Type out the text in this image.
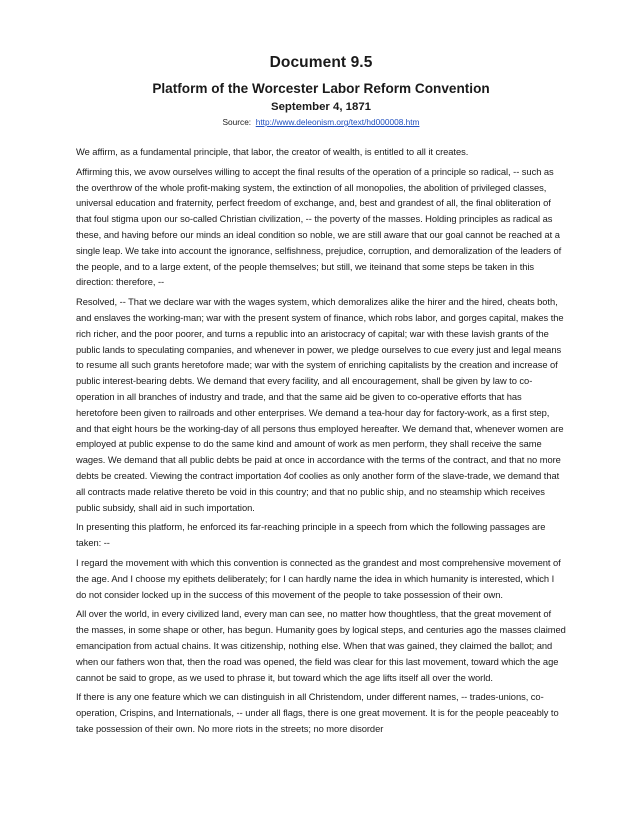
Document 9.5
Platform of the Worcester Labor Reform Convention
September 4, 1871
Source: http://www.deleonism.org/text/hd000008.htm

We affirm, as a fundamental principle, that labor, the creator of wealth, is entitled to all it creates.

Affirming this, we avow ourselves willing to accept the final results of the operation of a principle so radical, -- such as the overthrow of the whole profit-making system, the extinction of all monopolies, the abolition of privileged classes, universal education and fraternity, perfect freedom of exchange, and, best and grandest of all, the final obliteration of that foul stigma upon our so-called Christian civilization, -- the poverty of the masses. Holding principles as radical as these, and having before our minds an ideal condition so noble, we are still aware that our goal cannot be reached at a single leap. We take into account the ignorance, selfishness, prejudice, corruption, and demoralization of the leaders of the people, and to a large extent, of the people themselves; but still, we iteinand that some steps be taken in this direction: therefore, --

Resolved, -- That we declare war with the wages system, which demoralizes alike the hirer and the hired, cheats both, and enslaves the working-man; war with the present system of finance, which robs labor, and gorges capital, makes the rich richer, and the poor poorer, and turns a republic into an aristocracy of capital; war with these lavish grants of the public lands to speculating companies, and whenever in power, we pledge ourselves to cue every just and legal means to resume all such grants heretofore made; war with the system of enriching capitalists by the creation and increase of public interest-bearing debts. We demand that every facility, and all encouragement, shall be given by law to co-operation in all branches of industry and trade, and that the same aid be given to co-operative efforts that has heretofore been given to railroads and other enterprises. We demand a tea-hour day for factory-work, as a first step, and that eight hours be the working-day of all persons thus employed hereafter. We demand that, whenever women are employed at public expense to do the same kind and amount of work as men perform, they shall receive the same wages. We demand that all public debts be paid at once in accordance with the terms of the contract, and that no more debts be created. Viewing the contract importation 4of coolies as only another form of the slave-trade, we demand that all contracts made relative thereto be void in this country; and that no public ship, and no steamship which receives public subsidy, shall aid in such importation.

In presenting this platform, he enforced its far-reaching principle in a speech from which the following passages are taken: --

I regard the movement with which this convention is connected as the grandest and most comprehensive movement of the age. And I choose my epithets deliberately; for I can hardly name the idea in which humanity is interested, which I do not consider locked up in the success of this movement of the people to take possession of their own.

All over the world, in every civilized land, every man can see, no matter how thoughtless, that the great movement of the masses, in some shape or other, has begun. Humanity goes by logical steps, and centuries ago the masses claimed emancipation from actual chains. It was citizenship, nothing else. When that was gained, they claimed the ballot; and when our fathers won that, then the road was opened, the field was clear for this last movement, toward which the age cannot be said to grope, as we used to phrase it, but toward which the age lifts itself all over the world.

If there is any one feature which we can distinguish in all Christendom, under different names, -- trades-unions, co-operation, Crispins, and Internationals, -- under all flags, there is one great movement. It is for the people peaceably to take possession of their own. No more riots in the streets; no more disorder
